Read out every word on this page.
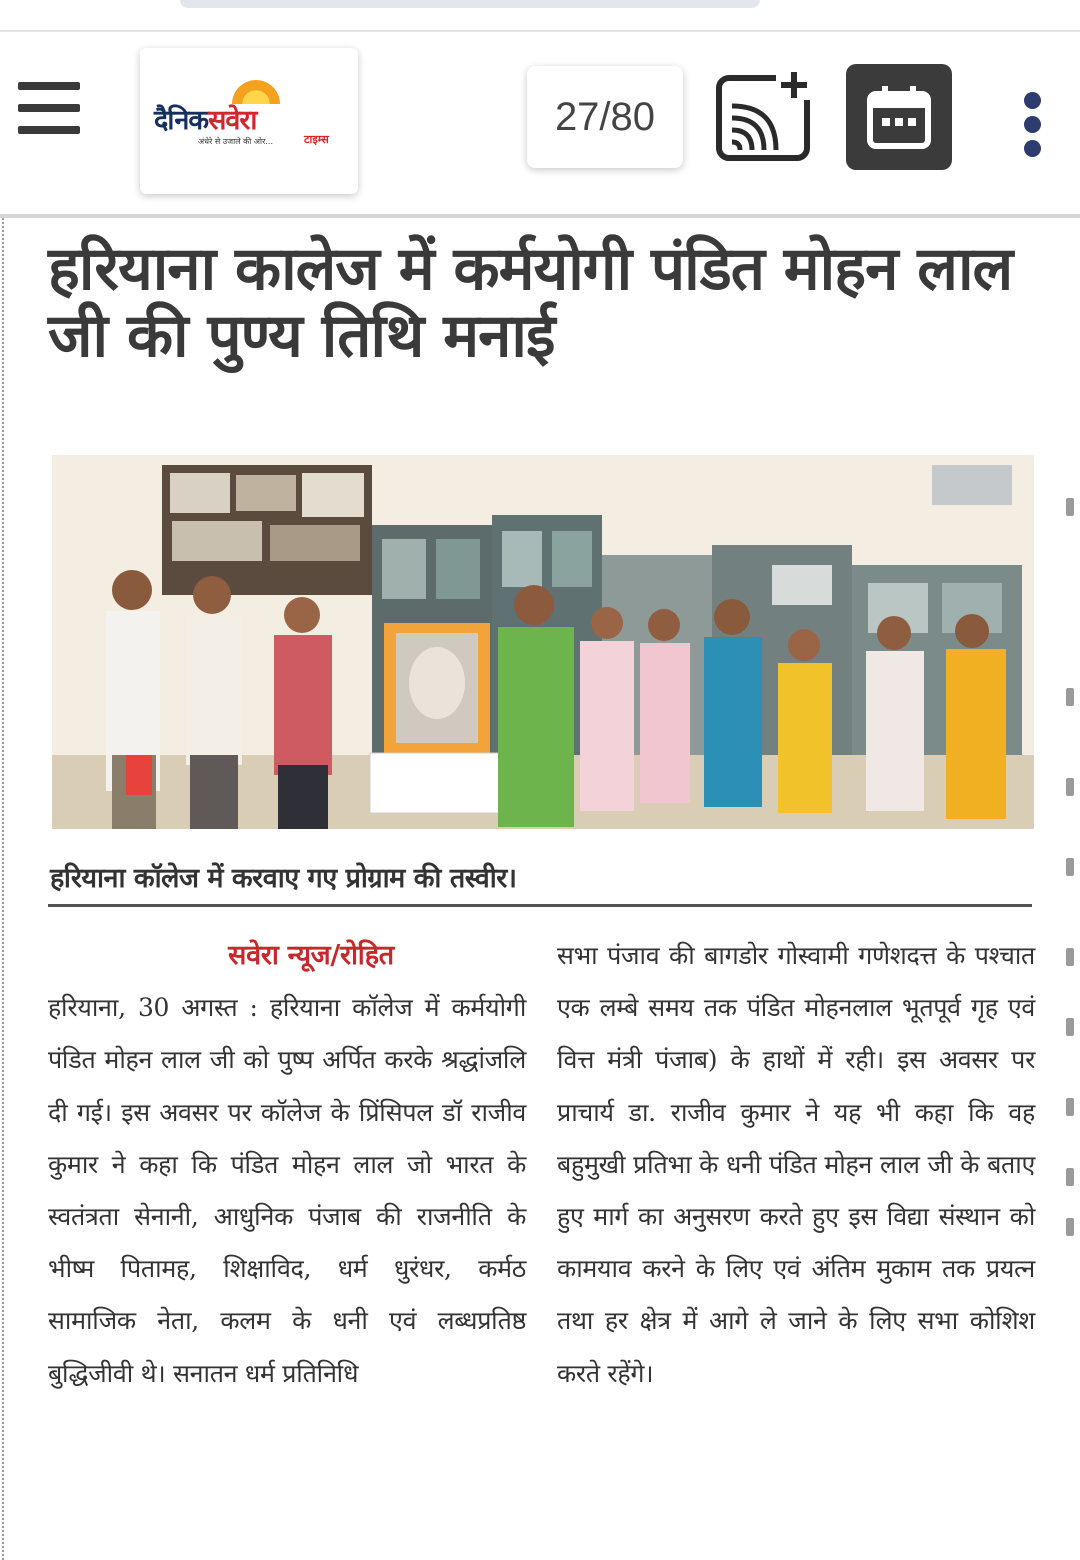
दैनिकसवेरा
अंधेरे से उजाले की ओर...	टाइम्स
27/80
हरियाना कालेज में कर्मयोगी पंडित मोहन लाल जी की पुण्य तिथि मनाई
हरियाना कॉलेज में करवाए गए प्रोग्राम की तस्वीर।
सवेरा न्यूज/रोहित
हरियाना, 30 अगस्त : हरियाना कॉलेज में कर्मयोगी पंडित मोहन लाल जी को पुष्प अर्पित करके श्रद्धांजलि दी गई। इस अवसर पर कॉलेज के प्रिंसिपल डॉ राजीव कुमार ने कहा कि पंडित मोहन लाल जो भारत के स्वतंत्रता सेनानी, आधुनिक पंजाब की राजनीति के भीष्म पितामह, शिक्षाविद, धर्म धुरंधर, कर्मठ सामाजिक नेता, कलम के धनी एवं लब्धप्रतिष्ठ बुद्धिजीवी थे। सनातन धर्म प्रतिनिधि
सभा पंजाव की बागडोर गोस्वामी गणेशदत्त के पश्चात एक लम्बे समय तक पंडित मोहनलाल भूतपूर्व गृह एवं वित्त मंत्री पंजाब) के हाथों में रही। इस अवसर पर प्राचार्य डा. राजीव कुमार ने यह भी कहा कि वह बहुमुखी प्रतिभा के धनी पंडित मोहन लाल जी के बताए हुए मार्ग का अनुसरण करते हुए इस विद्या संस्थान को कामयाव करने के लिए एवं अंतिम मुकाम तक प्रयत्न तथा हर क्षेत्र में आगे ले जाने के लिए सभा कोशिश करते रहेंगे।
